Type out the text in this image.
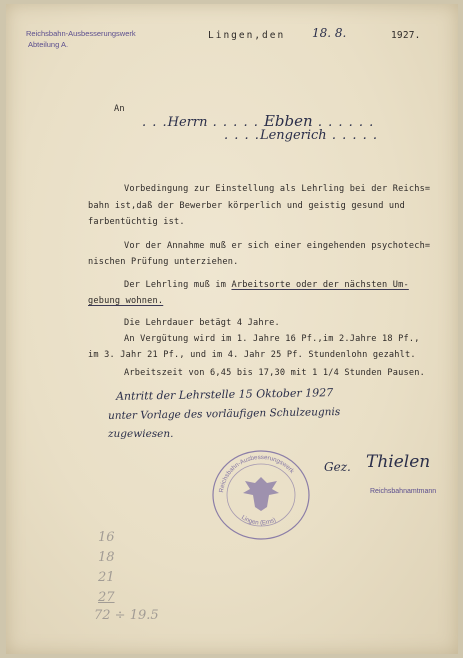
Reichsbahn-Ausbesserungswerk
Abteilung A.
Lingen,den 18. 8.	1927.
An
. . .Herrn . . . . . Ebben . . . . . .
. . . .Lengerich . . . . .
Vorbedingung zur Einstellung als Lehrling bei der Reichs=
bahn ist,daß der Bewerber körperlich und geistig gesund und
farbentüchtig ist.
Vor der Annahme muß er sich einer eingehenden psychotech=
nischen Prüfung unterziehen.
Der Lehrling muß im Arbeitsorte oder der nächsten Um-
gebung wohnen.
Die Lehrdauer betägt 4 Jahre.
An Vergütung wird im 1. Jahre 16 Pf.,im 2.Jahre 18 Pf.,
im 3. Jahr 21 Pf., und im 4. Jahr 25 Pf. Stundenlohn gezahlt.
Arbeitszeit von 6,45 bis 17,30 mit 1 1/4 Stunden Pausen.
Antritt der Lehrstelle 15 Oktober 1927
unter Vorlage des vorläufigen Schulzeugnis
zugewiesen.
Gez. Thielen
Reichsbahnamtmann
Reichsbahn-Ausbesserungswerk
Lingen (Ems)
16
18
21
27
72 ÷ 19.5
